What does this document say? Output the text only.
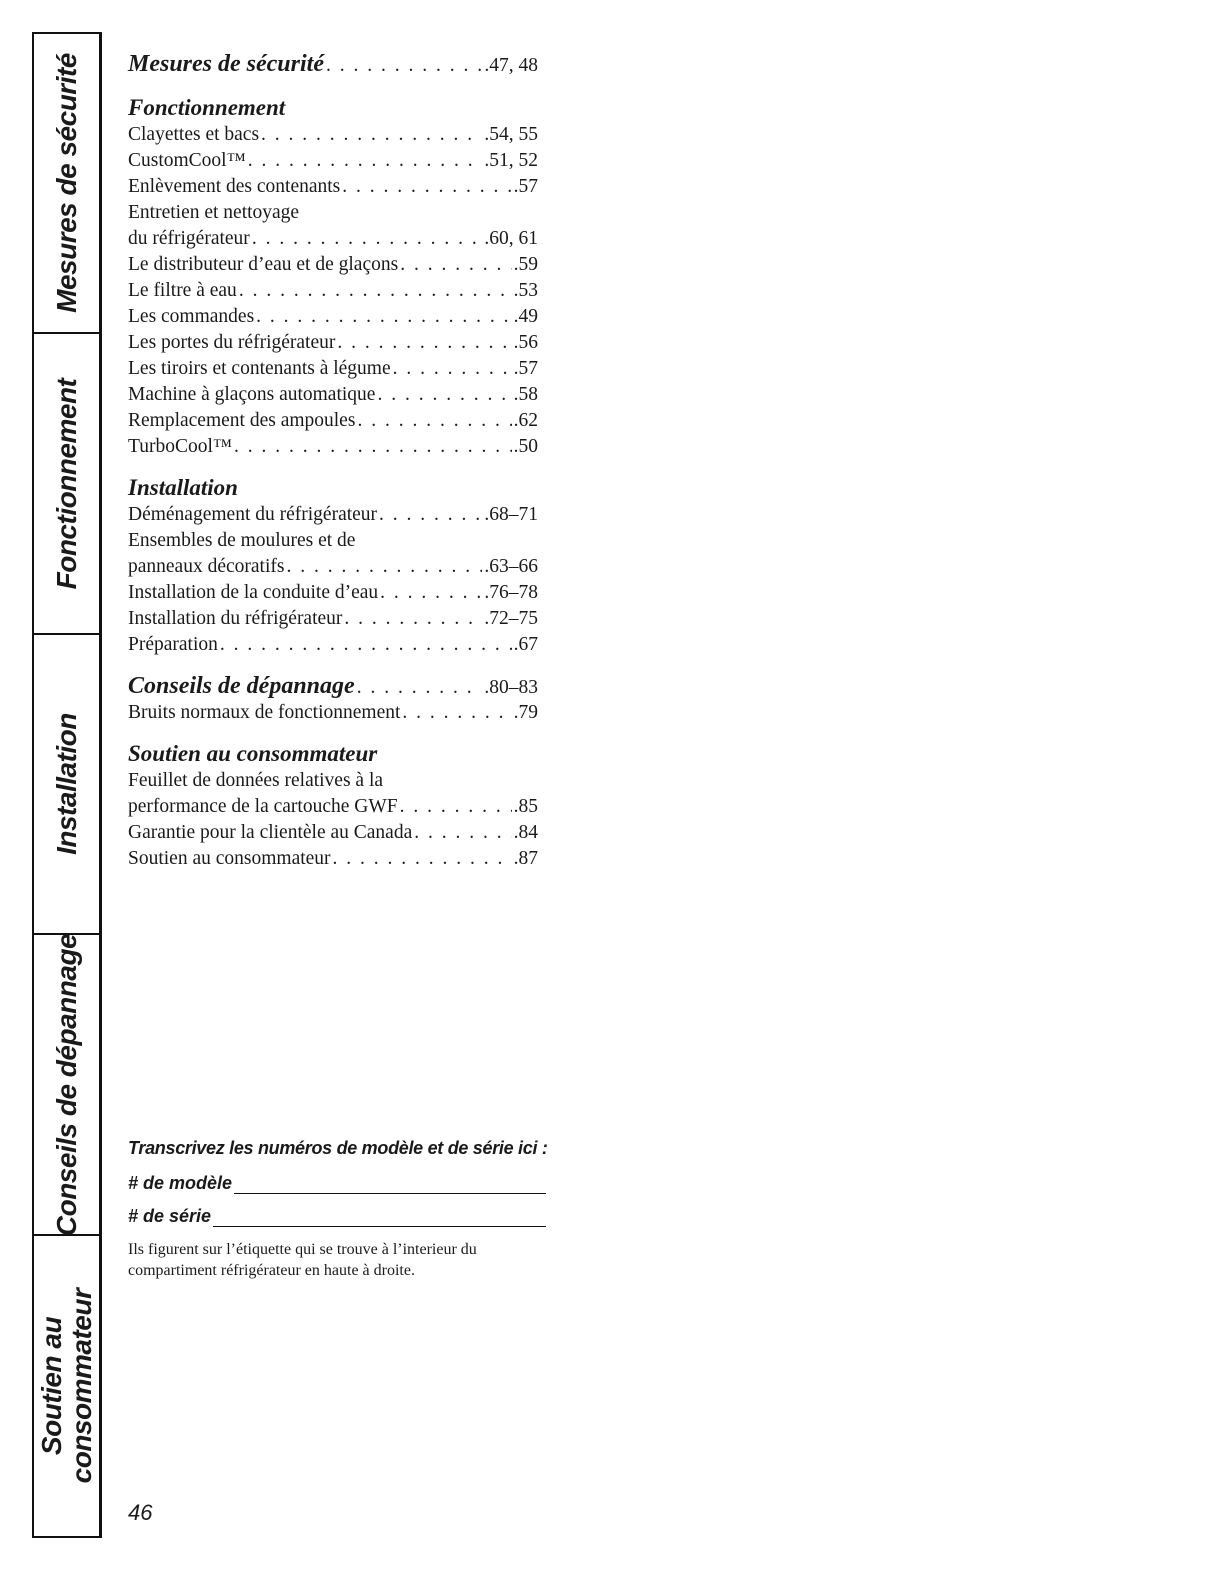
Mesures de sécurité
Fonctionnement
Installation
Conseils de dépannage
Soutien au consommateur
Mesures de sécurité . . .	.47, 48
Fonctionnement
Clayettes et bacs . . .	.54, 55
CustomCool™ . . .	.51, 52
Enlèvement des contenants . . .	.57
Entretien et nettoyage
du réfrigérateur . . .	.60, 61
Le distributeur d’eau et de glaçons . . .	.59
Le filtre à eau . . .	.53
Les commandes . . .	.49
Les portes du réfrigérateur . . .	.56
Les tiroirs et contenants à légume . . .	.57
Machine à glaçons automatique . . .	.58
Remplacement des ampoules . . .	.62
TurboCool™ . . .	.50
Installation
Déménagement du réfrigérateur . . .	.68–71
Ensembles de moulures et de
panneaux décoratifs . . .	.63–66
Installation de la conduite d’eau . . .	.76–78
Installation du réfrigérateur . . .	.72–75
Préparation . . .	.67
Conseils de dépannage . . .	.80–83
Bruits normaux de fonctionnement . . .	.79
Soutien au consommateur
Feuillet de données relatives à la
performance de la cartouche GWF . . .	.85
Garantie pour la clientèle au Canada . . .	.84
Soutien au consommateur . . .	.87
Transcrivez les numéros de modèle et de série ici :
# de modèle
# de série
Ils figurent sur l’étiquette qui se trouve à l’interieur du compartiment réfrigérateur en haute à droite.
46
